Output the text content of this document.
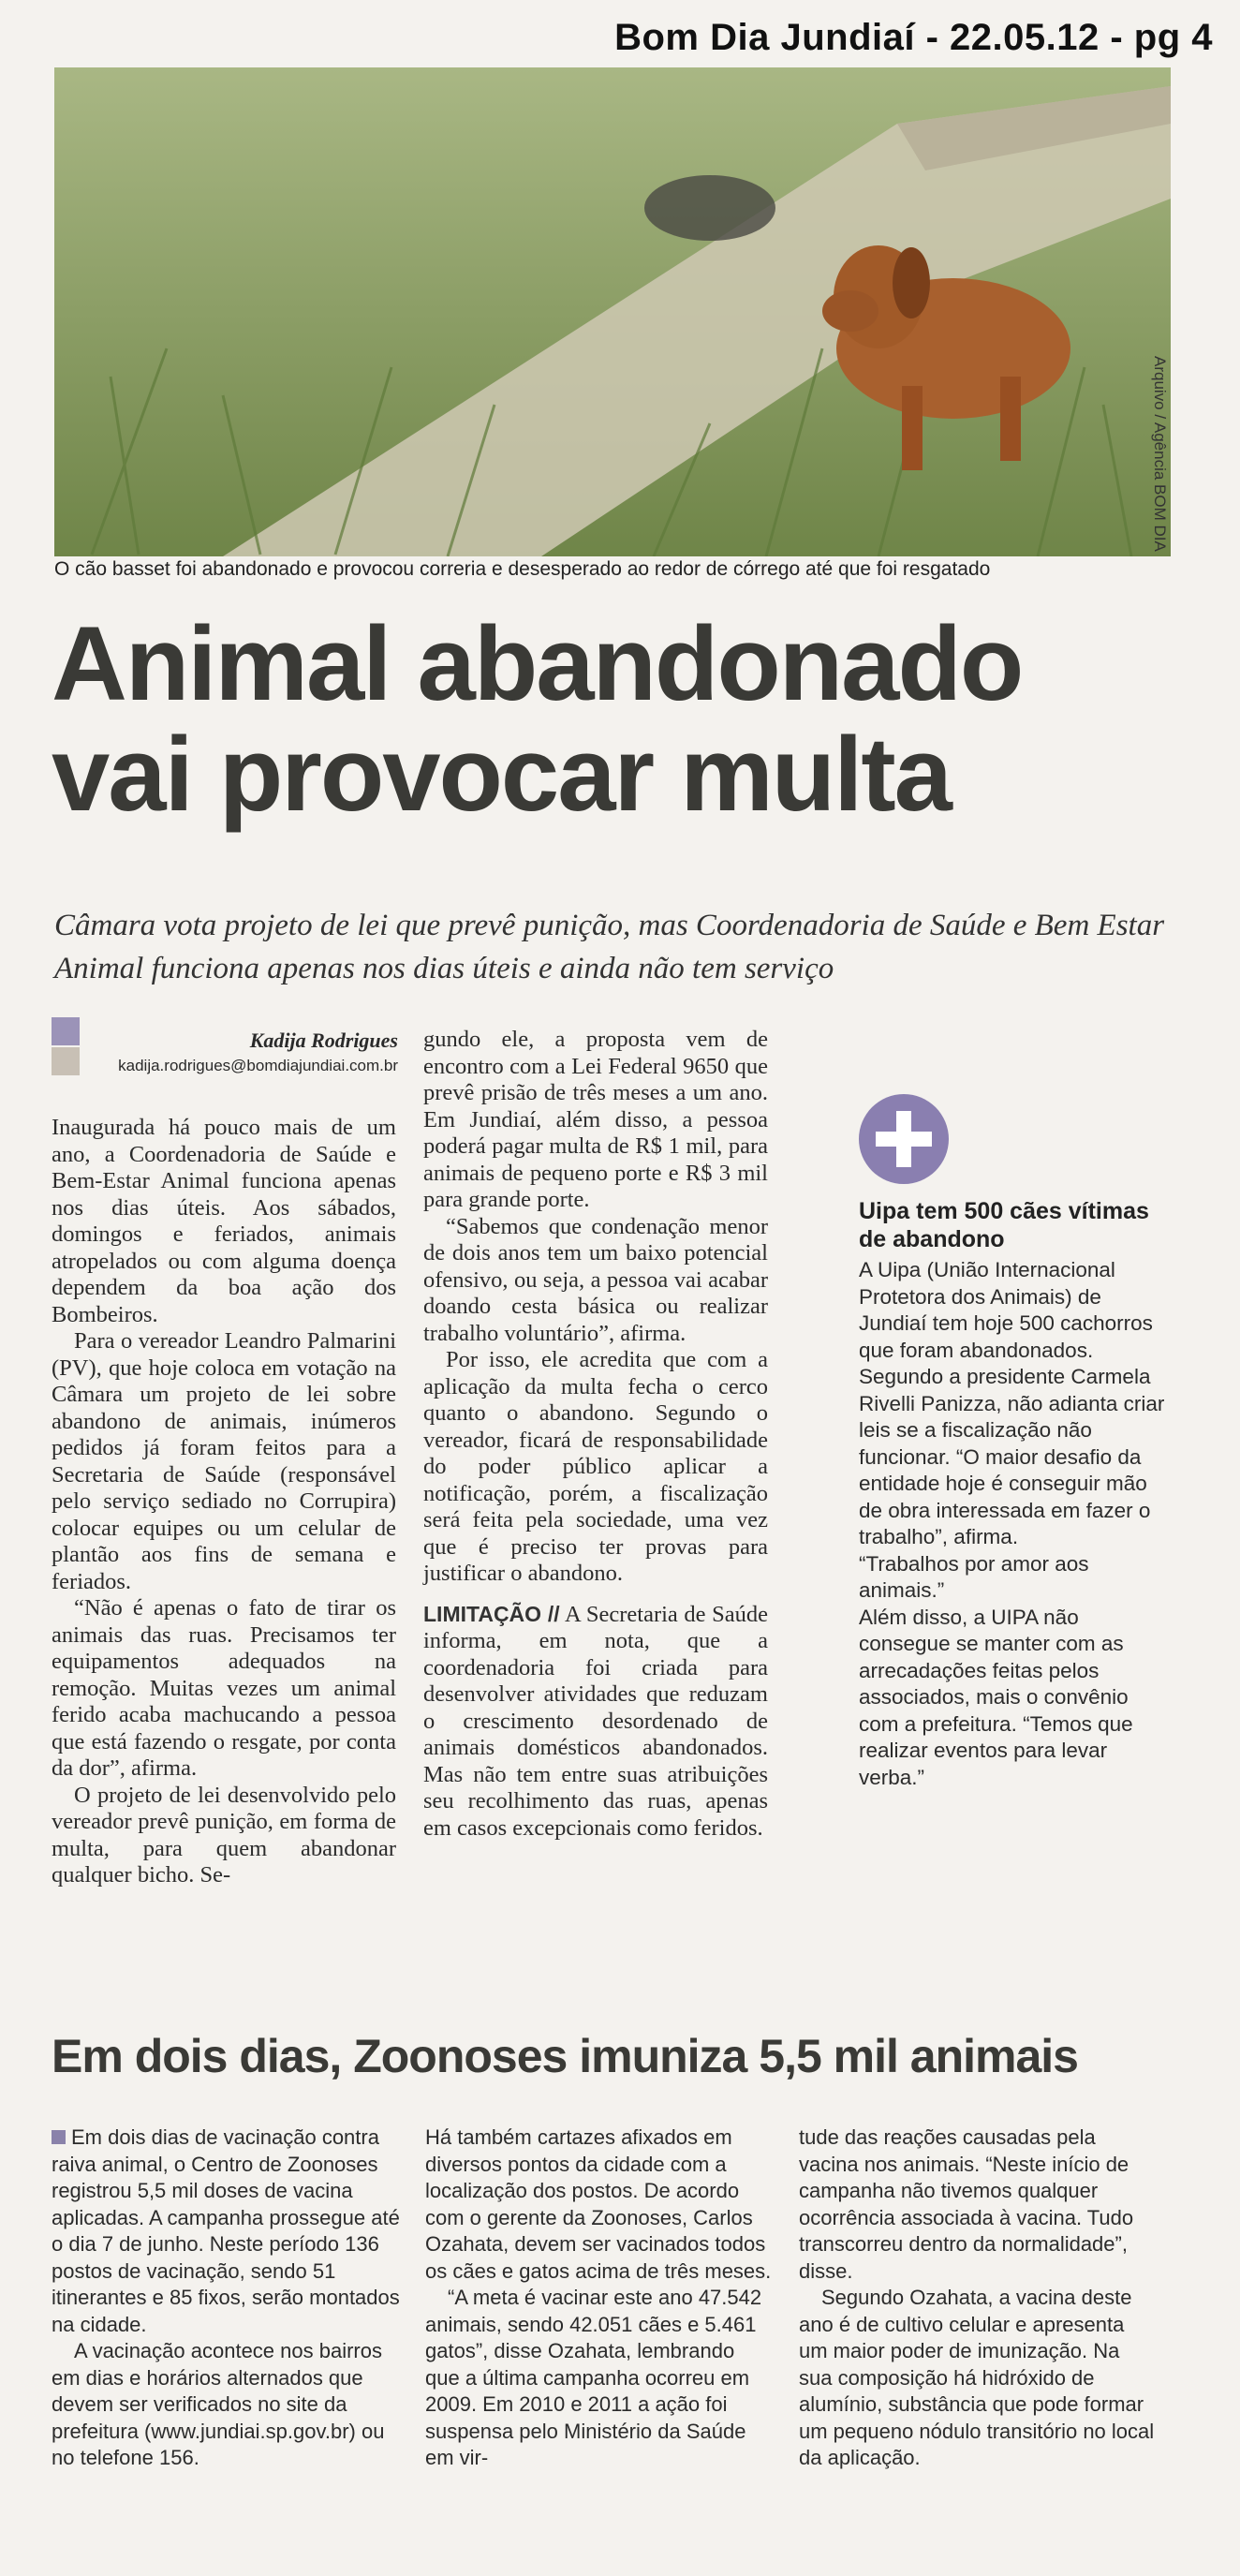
Bom Dia Jundiaí - 22.05.12 - pg 4
Arquivo / Agência BOM DIA
O cão basset foi abandonado e provocou correria e desesperado ao redor de córrego até que foi resgatado
Animal abandonado
vai provocar multa
Câmara vota projeto de lei que prevê punição, mas Coordenadoria de Saúde e Bem Estar Animal funciona apenas nos dias úteis e ainda não tem serviço
Kadija Rodrigues
kadija.rodrigues@bomdiajundiai.com.br

Inaugurada há pouco mais de um ano, a Coordenadoria de Saúde e Bem-Estar Animal funciona apenas nos dias úteis. Aos sábados, domingos e feriados, animais atropelados ou com alguma doença dependem da boa ação dos Bombeiros.

Para o vereador Leandro Palmarini (PV), que hoje coloca em votação na Câmara um projeto de lei sobre abandono de animais, inúmeros pedidos já foram feitos para a Secretaria de Saúde (responsável pelo serviço sediado no Corrupira) colocar equipes ou um celular de plantão aos fins de semana e feriados.

“Não é apenas o fato de tirar os animais das ruas. Precisamos ter equipamentos adequados na remoção. Muitas vezes um animal ferido acaba machucando a pessoa que está fazendo o resgate, por conta da dor”, afirma.

O projeto de lei desenvolvido pelo vereador prevê punição, em forma de multa, para quem abandonar qualquer bicho. Se-

gundo ele, a proposta vem de encontro com a Lei Federal 9650 que prevê prisão de três meses a um ano. Em Jundiaí, além disso, a pessoa poderá pagar multa de R$ 1 mil, para animais de pequeno porte e R$ 3 mil para grande porte.

“Sabemos que condenação menor de dois anos tem um baixo potencial ofensivo, ou seja, a pessoa vai acabar doando cesta básica ou realizar trabalho voluntário”, afirma.

Por isso, ele acredita que com a aplicação da multa fecha o cerco quanto o abandono. Segundo o vereador, ficará de responsabilidade do poder público aplicar a notificação, porém, a fiscalização será feita pela sociedade, uma vez que é preciso ter provas para justificar o abandono.

LIMITAÇÃO // A Secretaria de Saúde informa, em nota, que a coordenadoria foi criada para desenvolver atividades que reduzam o crescimento desordenado de animais domésticos abandonados. Mas não tem entre suas atribuições seu recolhimento das ruas, apenas em casos excepcionais como feridos.

Uipa tem 500 cães vítimas de abandono

A Uipa (União Internacional Protetora dos Animais) de Jundiaí tem hoje 500 cachorros que foram abandonados. Segundo a presidente Carmela Rivelli Panizza, não adianta criar leis se a fiscalização não funcionar. “O maior desafio da entidade hoje é conseguir mão de obra interessada em fazer o trabalho”, afirma.

“Trabalhos por amor aos animais.”

Além disso, a UIPA não consegue se manter com as arrecadações feitas pelos associados, mais o convênio com a prefeitura. “Temos que realizar eventos para levar verba.”

Em dois dias, Zoonoses imuniza 5,5 mil animais

Em dois dias de vacinação contra raiva animal, o Centro de Zoonoses registrou 5,5 mil doses de vacina aplicadas. A campanha prossegue até o dia 7 de junho. Neste período 136 postos de vacinação, sendo 51 itinerantes e 85 fixos, serão montados na cidade.

A vacinação acontece nos bairros em dias e horários alternados que devem ser verificados no site da prefeitura (www.jundiai.sp.gov.br) ou no telefone 156.

Há também cartazes afixados em diversos pontos da cidade com a localização dos postos. De acordo com o gerente da Zoonoses, Carlos Ozahata, devem ser vacinados todos os cães e gatos acima de três meses.

“A meta é vacinar este ano 47.542 animais, sendo 42.051 cães e 5.461 gatos”, disse Ozahata, lembrando que a última campanha ocorreu em 2009. Em 2010 e 2011 a ação foi suspensa pelo Ministério da Saúde em vir-

tude das reações causadas pela vacina nos animais. “Neste início de campanha não tivemos qualquer ocorrência associada à vacina. Tudo transcorreu dentro da normalidade”, disse.

Segundo Ozahata, a vacina deste ano é de cultivo celular e apresenta um maior poder de imunização. Na sua composição há hidróxido de alumínio, substância que pode formar um pequeno nódulo transitório no local da aplicação.
